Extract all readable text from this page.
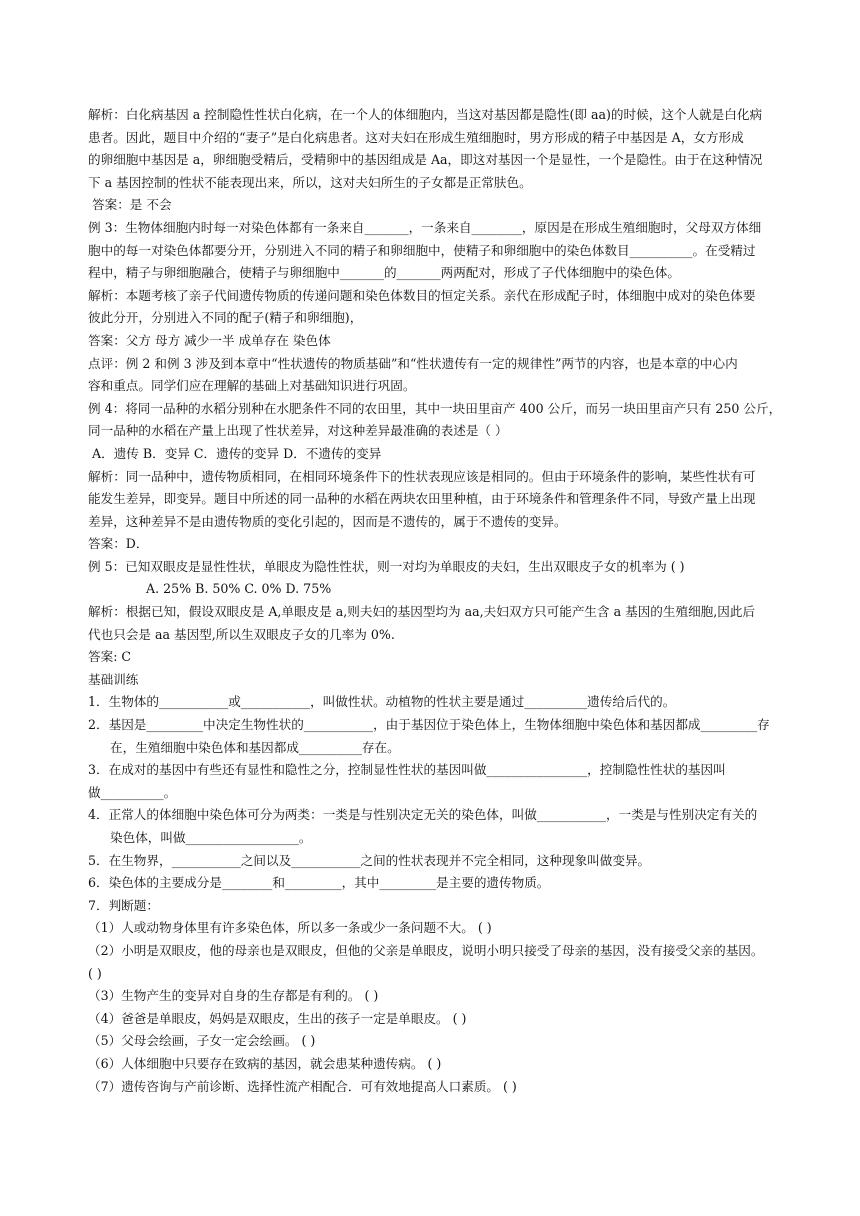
解析：白化病基因 a 控制隐性性状白化病，在一个人的体细胞内，当这对基因都是隐性(即 aa)的时候，这个人就是白化病
患者。因此，题目中介绍的“妻子”是白化病患者。这对夫妇在形成生殖细胞时，男方形成的精子中基因是 A，女方形成
的卵细胞中基因是 a，卵细胞受精后，受精卵中的基因组成是 Aa，即这对基因一个是显性，一个是隐性。由于在这种情况
下 a 基因控制的性状不能表现出来，所以，这对夫妇所生的子女都是正常肤色。
答案：是 不会
例 3：生物体细胞内时每一对染色体都有一条来自_______，一条来自________，原因是在形成生殖细胞时，父母双方体细
胞中的每一对染色体都要分开，分别进入不同的精子和卵细胞中，使精子和卵细胞中的染色体数目__________。在受精过
程中，精子与卵细胞融合，使精子与卵细胞中_______的_______两两配对，形成了子代体细胞中的染色体。
解析：本题考核了亲子代间遗传物质的传递问题和染色体数目的恒定关系。亲代在形成配子时，体细胞中成对的染色体要
彼此分开，分别进入不同的配子(精子和卵细胞)，
答案：父方 母方 减少一半 成单存在 染色体
点评：例 2 和例 3 涉及到本章中“性状遗传的物质基础”和“性状遗传有一定的规律性”两节的内容，也是本章的中心内
容和重点。同学们应在理解的基础上对基础知识进行巩固。
例 4：将同一品种的水稻分别种在水肥条件不同的农田里，其中一块田里亩产 400 公斤，而另一块田里亩产只有 250 公斤，
同一品种的水稻在产量上出现了性状差异，对这种差异最准确的表述是（ ）
A．遗传 B．变异 C．遗传的变异 D．不遗传的变异
解析：同一品种中，遗传物质相同，在相同环境条件下的性状表现应该是相同的。但由于环境条件的影响，某些性状有可
能发生差异，即变异。题目中所述的同一品种的水稻在两块农田里种植，由于环境条件和管理条件不同，导致产量上出现
差异，这种差异不是由遗传物质的变化引起的，因而是不遗传的，属于不遗传的变异。
答案：D．
例 5：已知双眼皮是显性性状，单眼皮为隐性性状，则一对均为单眼皮的夫妇，生出双眼皮子女的机率为 ( )
A. 25% B. 50% C. 0% D. 75%
解析：根据已知，假设双眼皮是 A,单眼皮是 a,则夫妇的基因型均为 aa,夫妇双方只可能产生含 a 基因的生殖细胞,因此后
代也只会是 aa 基因型,所以生双眼皮子女的几率为 0%.
答案: C
基础训练
1．生物体的___________或___________，叫做性状。动植物的性状主要是通过__________遗传给后代的。
2．基因是_________中决定生物性状的___________，由于基因位于染色体上，生物体细胞中染色体和基因都成_________存
在，生殖细胞中染色体和基因都成__________存在。
3．在成对的基因中有些还有显性和隐性之分，控制显性性状的基因叫做________________，控制隐性性状的基因叫
做__________。
4．正常人的体细胞中染色体可分为两类：一类是与性别决定无关的染色体，叫做___________，一类是与性别决定有关的
染色体，叫做__________________。
5．在生物界，___________之间以及___________之间的性状表现并不完全相同，这种现象叫做变异。
6．染色体的主要成分是________和_________，其中_________是主要的遗传物质。
7．判断题：
（1）人或动物身体里有许多染色体，所以多一条或少一条问题不大。 ( )
（2）小明是双眼皮，他的母亲也是双眼皮，但他的父亲是单眼皮，说明小明只接受了母亲的基因，没有接受父亲的基因。
( )
（3）生物产生的变异对自身的生存都是有利的。 ( )
（4）爸爸是单眼皮，妈妈是双眼皮，生出的孩子一定是单眼皮。 ( )
（5）父母会绘画，子女一定会绘画。 ( )
（6）人体细胞中只要存在致病的基因，就会患某种遗传病。 ( )
（7）遗传咨询与产前诊断、选择性流产相配合．可有效地提高人口素质。 ( )
